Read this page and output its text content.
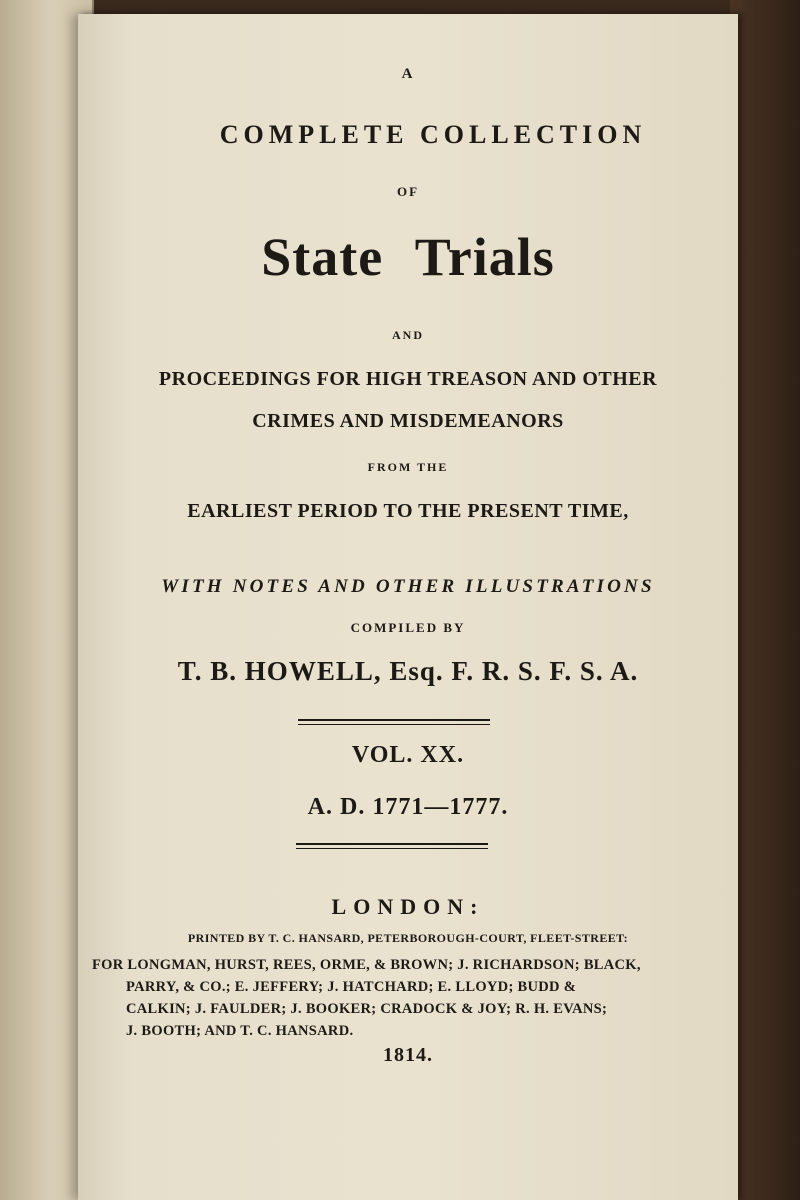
A
COMPLETE COLLECTION
OF
State Trials
AND
PROCEEDINGS FOR HIGH TREASON AND OTHER
CRIMES AND MISDEMEANORS
FROM THE
EARLIEST PERIOD TO THE PRESENT TIME,
WITH NOTES AND OTHER ILLUSTRATIONS
COMPILED BY
T. B. HOWELL, Esq. F. R. S. F. S. A.
VOL. XX.
A. D. 1771—1777.
LONDON:
PRINTED BY T. C. HANSARD, PETERBOROUGH-COURT, FLEET-STREET:
FOR LONGMAN, HURST, REES, ORME, & BROWN; J. RICHARDSON; BLACK,
PARRY, & CO.; E. JEFFERY; J. HATCHARD; E. LLOYD; BUDD &
CALKIN; J. FAULDER; J. BOOKER; CRADOCK & JOY; R. H. EVANS;
J. BOOTH; AND T. C. HANSARD.
1814.
